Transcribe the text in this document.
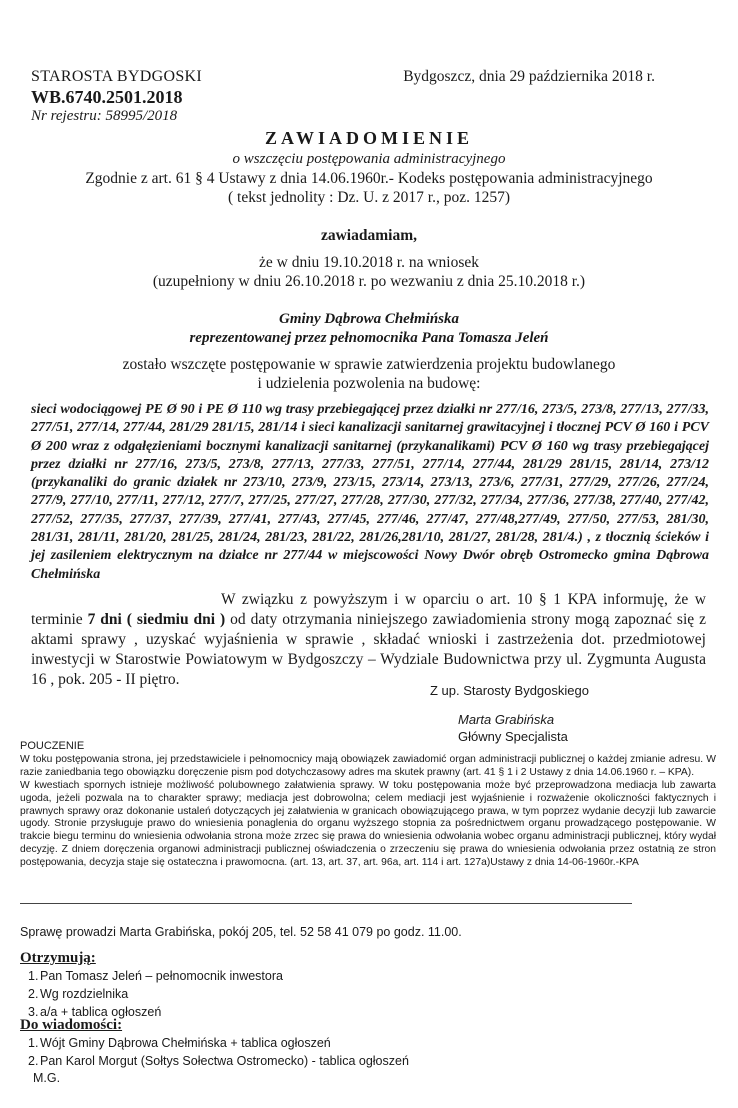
STAROSTA BYDGOSKI
WB.6740.2501.2018
Nr rejestru: 58995/2018
Bydgoszcz, dnia 29 października 2018 r.
ZAWIADOMIENIE
o wszczęciu postępowania administracyjnego
Zgodnie z art. 61 § 4 Ustawy z dnia 14.06.1960r.- Kodeks postępowania administracyjnego
( tekst jednolity : Dz. U. z 2017 r., poz. 1257)
zawiadamiam,
że w dniu 19.10.2018 r. na wniosek
(uzupełniony w dniu 26.10.2018 r. po wezwaniu z dnia 25.10.2018 r.)
Gminy Dąbrowa Chełmińska
reprezentowanej przez pełnomocnika Pana Tomasza Jeleń
zostało wszczęte postępowanie w sprawie zatwierdzenia projektu budowlanego
i udzielenia pozwolenia na budowę:
sieci wodociągowej PE Ø 90 i PE Ø 110 wg trasy przebiegającej przez działki nr 277/16, 273/5, 273/8, 277/13, 277/33, 277/51, 277/14, 277/44, 281/29 281/15, 281/14 i sieci kanalizacji sanitarnej grawitacyjnej i tłocznej PCV Ø 160 i PCV Ø 200 wraz z odgałęzieniami bocznymi kanalizacji sanitarnej (przykanalikami) PCV Ø 160 wg trasy przebiegającej przez działki nr 277/16, 273/5, 273/8, 277/13, 277/33, 277/51, 277/14, 277/44, 281/29 281/15, 281/14, 273/12 (przykanaliki do granic działek nr 273/10, 273/9, 273/15, 273/14, 273/13, 273/6, 277/31, 277/29, 277/26, 277/24, 277/9, 277/10, 277/11, 277/12, 277/7, 277/25, 277/27, 277/28, 277/30, 277/32, 277/34, 277/36, 277/38, 277/40, 277/42, 277/52, 277/35, 277/37, 277/39, 277/41, 277/43, 277/45, 277/46, 277/47, 277/48,277/49, 277/50, 277/53, 281/30, 281/31, 281/11, 281/20, 281/25, 281/24, 281/23, 281/22, 281/26,281/10, 281/27, 281/28, 281/4.) , z tłocznią ścieków i jej zasileniem elektrycznym na działce nr 277/44 w miejscowości Nowy Dwór obręb Ostromecko gmina Dąbrowa Chełmińska
W związku z powyższym i w oparciu o art. 10 § 1 KPA informuję, że w terminie 7 dni ( siedmiu dni ) od daty otrzymania niniejszego zawiadomienia strony mogą zapoznać się z aktami sprawy , uzyskać wyjaśnienia w sprawie , składać wnioski i zastrzeżenia dot. przedmiotowej inwestycji w Starostwie Powiatowym w Bydgoszczy – Wydziale Budownictwa przy ul. Zygmunta Augusta 16 , pok. 205 - II piętro.
Z up. Starosty Bydgoskiego
Marta Grabińska
Główny Specjalista

POUCZENIE

W toku postępowania strona, jej przedstawiciele i pełnomocnicy mają obowiązek zawiadomić organ administracji publicznej o każdej zmianie adresu. W razie zaniedbania tego obowiązku doręczenie pism pod dotychczasowy adres ma skutek prawny (art. 41 § 1 i 2 Ustawy z dnia 14.06.1960 r. – KPA).

W kwestiach spornych istnieje możliwość polubownego załatwienia sprawy. W toku postępowania może być przeprowadzona mediacja lub zawarta ugoda, jeżeli pozwala na to charakter sprawy; mediacja jest dobrowolna; celem mediacji jest wyjaśnienie i rozważenie okoliczności faktycznych i prawnych sprawy oraz dokonanie ustaleń dotyczących jej załatwienia w granicach obowiązującego prawa, w tym poprzez wydanie decyzji lub zawarcie ugody. Stronie przysługuje prawo do wniesienia ponaglenia do organu wyższego stopnia za pośrednictwem organu prowadzącego postępowanie. W trakcie biegu terminu do wniesienia odwołania strona może zrzec się prawa do wniesienia odwołania wobec organu administracji publicznej, który wydał decyzję. Z dniem doręczenia organowi administracji publicznej oświadczenia o zrzeczeniu się prawa do wniesienia odwołania przez ostatnią ze stron postępowania, decyzja staje się ostateczna i prawomocna. (art. 13, art. 37, art. 96a, art. 114 i art. 127a)Ustawy z dnia 14-06-1960r.-KPA

Sprawę prowadzi Marta Grabińska, pokój 205, tel. 52 58 41 079 po godz. 11.00.
Otrzymują:
1. Pan Tomasz Jeleń – pełnomocnik inwestora
2. Wg rozdzielnika
3. a/a + tablica ogłoszeń
Do wiadomości:
1. Wójt Gminy Dąbrowa Chełmińska + tablica ogłoszeń
2. Pan Karol Morgut (Sołtys Sołectwa Ostromecko) - tablica ogłoszeń
M.G.
